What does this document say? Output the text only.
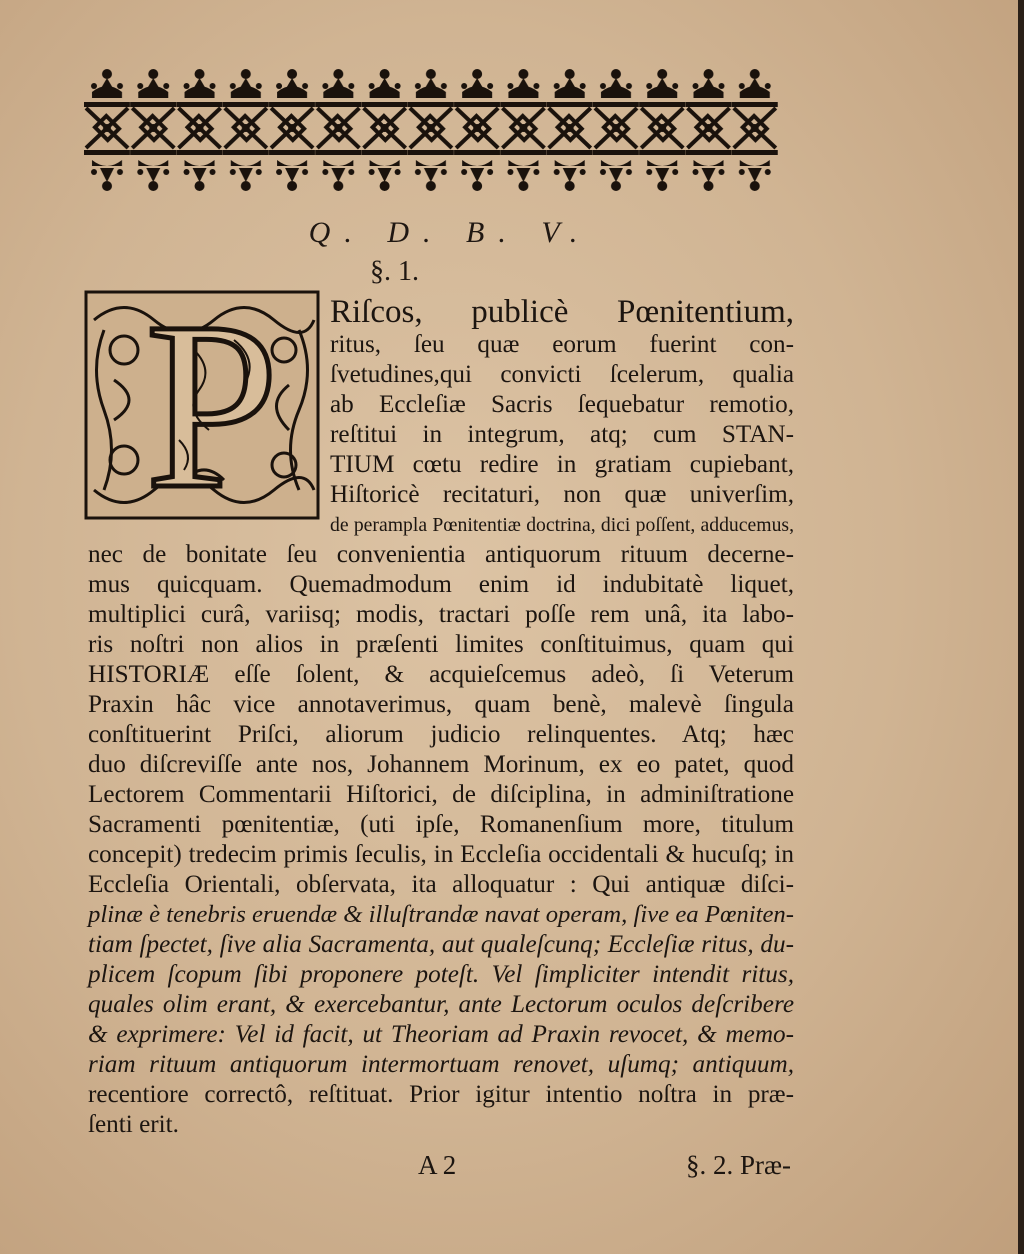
Q. D. B. V.
§. 1.
P	Riſcos, publicè Pœnitentium,
ritus, ſeu quæ eorum fuerint con-
ſvetudines,qui convicti ſcelerum, qualia
ab Eccleſiæ Sacris ſequebatur remotio,
reſtitui in integrum, atq; cum STAN-
TIUM cœtu redire in gratiam cupiebant,
Hiſtoricè recitaturi, non quæ univerſim,
de perampla Pœnitentiæ doctrina, dici poſſent, adducemus,
nec de bonitate ſeu convenientia antiquorum rituum decerne-
mus quicquam. Quemadmodum enim id indubitatè liquet,
multiplici curâ, variisq; modis, tractari poſſe rem unâ, ita labo-
ris noſtri non alios in præſenti limites conſtituimus, quam qui
HISTORIÆ eſſe ſolent, & acquieſcemus adeò, ſi Veterum
Praxin hâc vice annotaverimus, quam benè, malevè ſingula
conſtituerint Priſci, aliorum judicio relinquentes. Atq; hæc
duo diſcreviſſe ante nos, Johannem Morinum, ex eo patet, quod
Lectorem Commentarii Hiſtorici, de diſciplina, in adminiſtratione
Sacramenti pœnitentiæ, (uti ipſe, Romanenſium more, titulum
concepit) tredecim primis ſeculis, in Eccleſia occidentali & hucuſq; in
Eccleſia Orientali, obſervata, ita alloquatur : Qui antiquæ diſci-
plinæ è tenebris eruendæ & illuſtrandæ navat operam, ſive ea Pœniten-
tiam ſpectet, ſive alia Sacramenta, aut qualeſcunq; Eccleſiæ ritus, du-
plicem ſcopum ſibi proponere poteſt. Vel ſimpliciter intendit ritus,
quales olim erant, & exercebantur, ante Lectorum oculos deſcribere
& exprimere: Vel id facit, ut Theoriam ad Praxin revocet, & memo-
riam rituum antiquorum intermortuam renovet, uſumq; antiquum,
recentiore correctô, reſtituat. Prior igitur intentio noſtra in præ-
ſenti erit.
A 2	§. 2. Præ-
